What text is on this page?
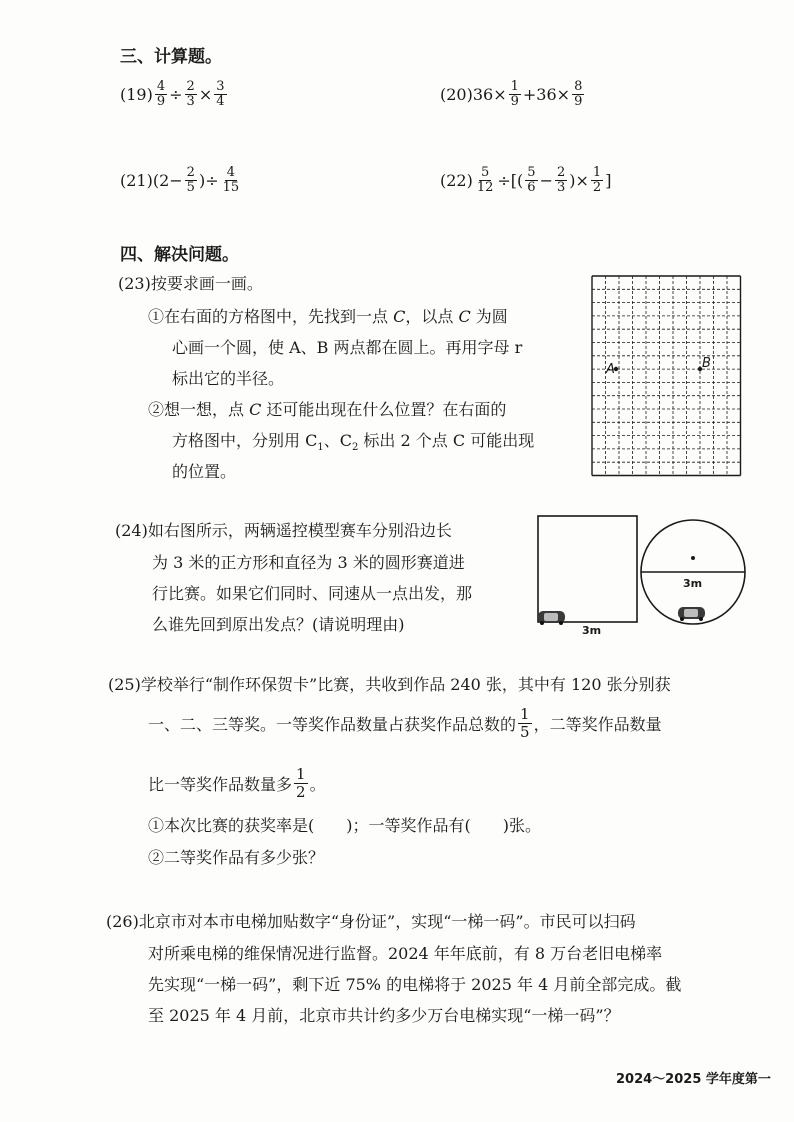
三、计算题。
$(19) \frac{4}{9} \div \frac{2}{3} \times \frac{3}{4}$	(20) $36\times \frac{1}{9} +36\times \frac{8}{9}$
(21) ($2- \frac{2}{5}$ )÷ $\frac{4}{15}$	$(22) \frac{5}{12}$ ÷[( $\frac{5}{6} - \frac{2}{3}$ )× $\frac{1}{2}$ ]
四、解决问题。
(23)按要求画一画。
①在右面的方格图中，先找到一点 C，以点 C 为圆
心画一个圆，使 A、B 两点都在圆上。再用字母 r
标出它的半径。
②想一想，点 C 还可能出现在什么位置？在右面的
方格图中，分别用 $C_1$、$C_2$ 标出 2 个点 C 可能出现
的位置。
A	B
(24)如右图所示，两辆遥控模型赛车分别沿边长
为 3 米的正方形和直径为 3 米的圆形赛道进
行比赛。如果它们同时、同速从一点出发，那
么谁先回到原出发点？(请说明理由)	3m
3m
(25)学校举行“制作环保贺卡”比赛，共收到作品 240 张，其中有 120 张分别获
一、二、三等奖。一等奖作品数量占获奖作品总数的 $\frac{1}{5}$ ，二等奖作品数量
比一等奖作品数量多 $\frac{1}{2}$ 。
①本次比赛的获奖率是(　　)；一等奖作品有(　　)张。
②二等奖作品有多少张？
(26)北京市对本市电梯加贴数字“身份证”，实现“一梯一码”。市民可以扫码
对所乘电梯的维保情况进行监督。2024 年年底前，有 8 万台老旧电梯率
先实现“一梯一码”，剩下近 75% 的电梯将于 2025 年 4 月前全部完成。截
至 2025 年 4 月前，北京市共计约多少万台电梯实现“一梯一码”？
2024～2025 学年度第一
